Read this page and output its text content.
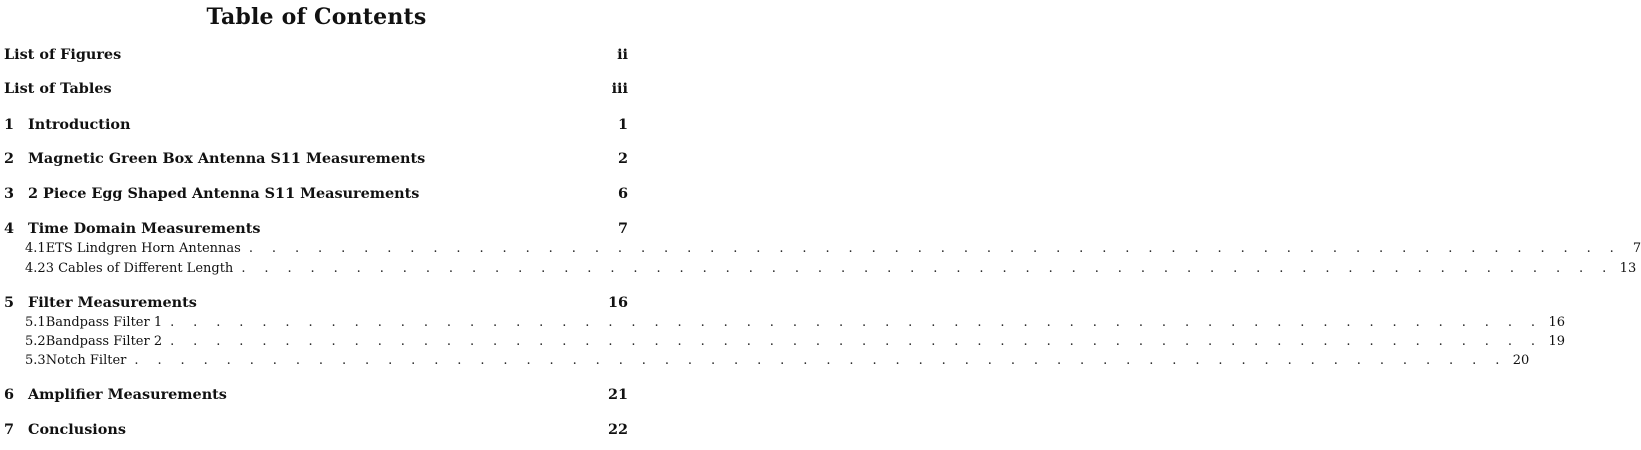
Table of Contents
List of Figures	ii
List of Tables	iii
1 Introduction	1
2 Magnetic Green Box Antenna S11 Measurements	2
3 2 Piece Egg Shaped Antenna S11 Measurements	6
4 Time Domain Measurements	7
4.1 ETS Lindgren Horn Antennas . . . . . . . . . . . . . . . . . . . . . . . . . . . . . . . . . . . . . . . . . . . . . . . . . . . . . . . . . . . . 7
4.2 3 Cables of Different Length . . . . . . . . . . . . . . . . . . . . . . . . . . . . . . . . . . . . . . . . . . . . . . . . . . . . . . . . . . . . 13
5 Filter Measurements	16
5.1 Bandpass Filter 1 . . . . . . . . . . . . . . . . . . . . . . . . . . . . . . . . . . . . . . . . . . . . . . . . . . . . . . . . . . . . 16
5.2 Bandpass Filter 2 . . . . . . . . . . . . . . . . . . . . . . . . . . . . . . . . . . . . . . . . . . . . . . . . . . . . . . . . . . . . 19
5.3 Notch Filter . . . . . . . . . . . . . . . . . . . . . . . . . . . . . . . . . . . . . . . . . . . . . . . . . . . . . . . . . . . . 20
6 Amplifier Measurements	21
7 Conclusions	22
